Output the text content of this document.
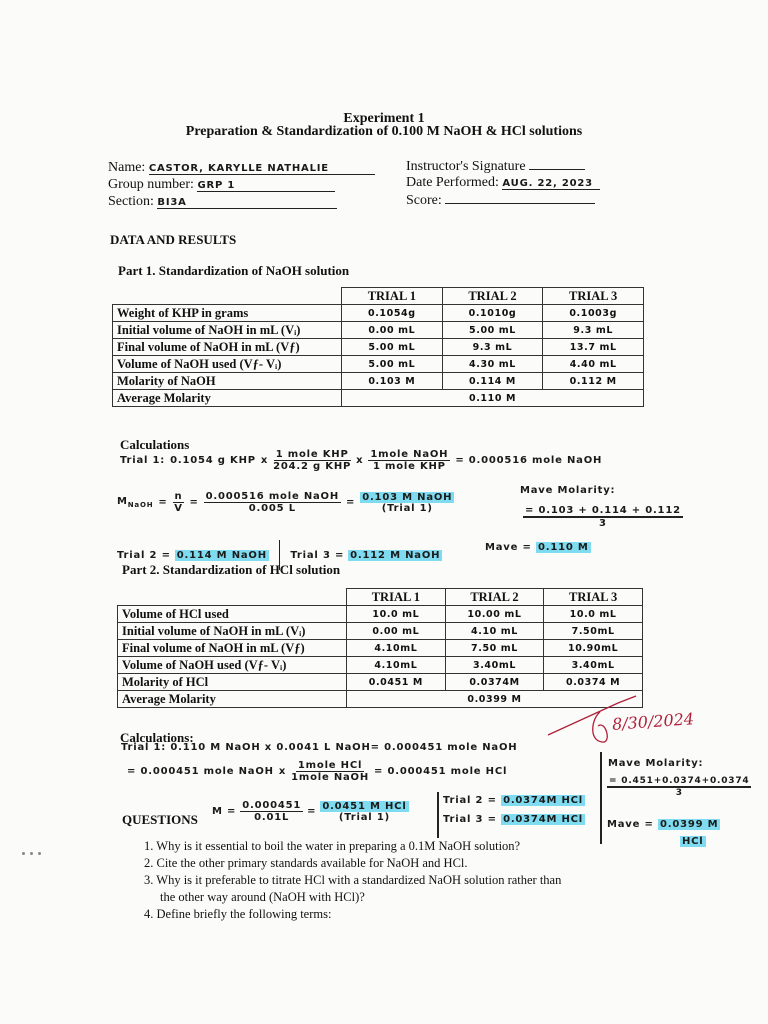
Experiment 1
Preparation & Standardization of 0.100 M NaOH & HCl solutions
Name: CASTOR, KARYLLE NATHALIE
Group number: GRP 1
Section: BI3A
Instructor's Signature
Date Performed: AUG. 22, 2023
Score:
DATA AND RESULTS
Part 1. Standardization of NaOH solution
	TRIAL 1	TRIAL 2	TRIAL 3
Weight of KHP in grams	0.1054g	0.1010g	0.1003g
Initial volume of NaOH in mL (Vᵢ)	0.00 mL	5.00 mL	9.3 mL
Final volume of NaOH in mL (Vƒ)	5.00 mL	9.3 mL	13.7 mL
Volume of NaOH used (Vƒ- Vᵢ)	5.00 mL	4.30 mL	4.40 mL
Molarity of NaOH	0.103 M	0.114 M	0.112 M
Average Molarity	0.110 M		
Calculations
Trial 1: 0.1054 g KHP x $\frac{\text{1 mole KHP}}{\text{204.2 g KHP}}$ x $\frac{\text{1mole NaOH}}{\text{1 mole KHP}} = 0.000516$ mole NaOH
$M_{NaOH} = \frac{n}{V} = \frac{\text{0.000516 mole NaOH}}{0.005 L} = 0.103$ M NaOH
(Trial 1)
Mave Molarity:
$\frac{= 0.103 + 0.114 + 0.112}{3}$
Trial 2 = 0.114 M NaOH Trial 3 = 0.112 M NaOH
Mave = 0.110 M
Part 2. Standardization of HCl solution
	TRIAL 1	TRIAL 2	TRIAL 3
Volume of HCl used	10.0 mL	10.00 mL	10.0 mL
Initial volume of NaOH in mL (Vᵢ)	0.00 mL	4.10 mL	7.50mL
Final volume of NaOH in mL (Vƒ)	4.10mL	7.50 mL	10.90mL
Volume of NaOH used (Vƒ- Vᵢ)	4.10mL	3.40mL	3.40mL
Molarity of HCl	0.0451 M	0.0374M	0.0374 M
Average Molarity	0.0399 M		
Calculations:
Trial 1: 0.110 M NaOH x 0.0041 L NaOH= 0.000451 mole NaOH
= 0.000451 mole NaOH x $\frac{\text{1mole HCl}}{\text{1mole NaOH}} = 0.000451$ mole HCl
QUESTIONS
$M = \frac{0.000451}{0.01L} = 0.0451$ M HCl
(Trial 1)
Trial 2 = 0.0374M HCl
Trial 3 = 0.0374M HCl
Mave Molarity:
$\frac{= 0.451+0.0374+0.0374}{3}$
Mave = 0.0399 M
HCl
8/30/2024
1. Why is it essential to boil the water in preparing a 0.1M NaOH solution?
2. Cite the other primary standards available for NaOH and HCl.
3. Why is it preferable to titrate HCl with a standardized NaOH solution rather than
the other way around (NaOH with HCl)?
4. Define briefly the following terms:
